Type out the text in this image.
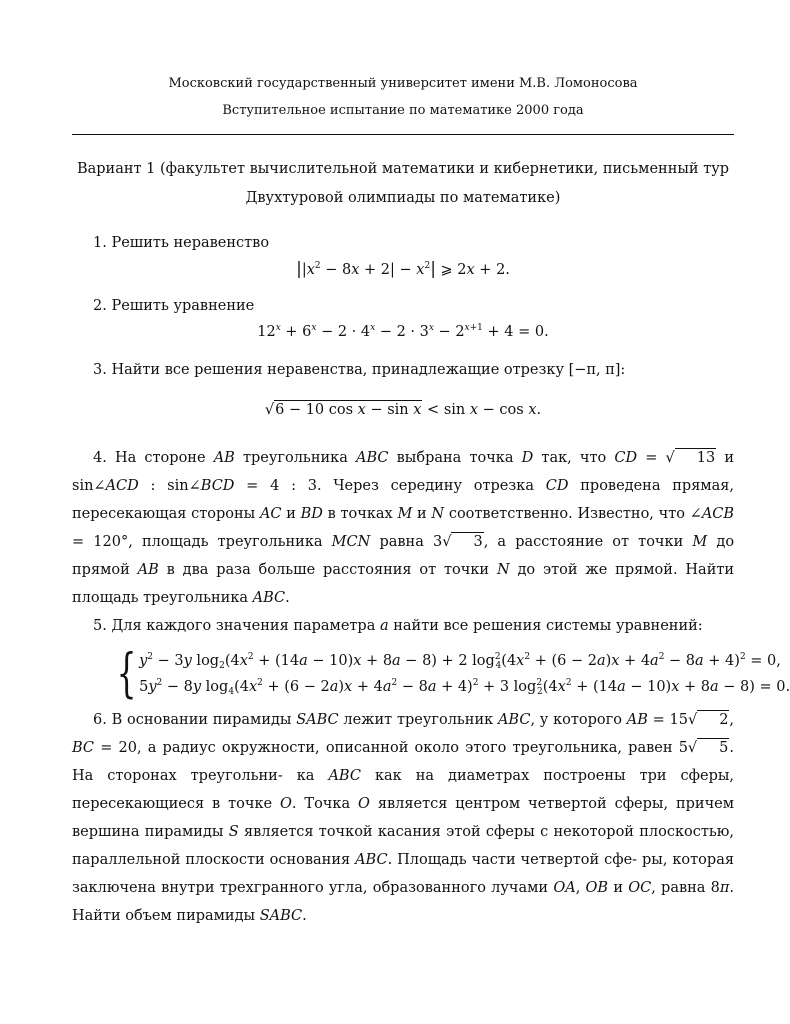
Московский государственный университет имени М.В. Ломоносова
Вступительное испытание по математике 2000 года
Вариант 1 (факультет вычислительной математики и кибернетики, письменный тур
Двухтуровой олимпиады по математике)
1. Решить неравенство
$||x^2 - 8x + 2| - x^2|$ ⩾ 2x + 2.
2. Решить уравнение
$12^x + 6^x - 2 \cdot 4^x - 2 \cdot 3^x - 2^{x+1} + 4 = 0$.
3. Найти все решения неравенства, принадлежащие отрезку [−π, π]:
√6 − 10 cos x − sin x < sin x − cos x.
4. На стороне AB треугольника ABC выбрана точка D так, что CD = √ 13 и sin∠ACD : sin∠BCD = 4 : 3. Через середину отрезка CD проведена прямая, пересекающая стороны AC и BD в точках M и N соответственно. Известно, что ∠ACB = 120°, площадь треугольника MCN равна 3√ 3, а расстояние от точки M до прямой AB в два раза больше расстояния от точки N до этой же прямой. Найти площадь треугольника ABC.
5. Для каждого значения параметра a найти все решения системы уравнений:
{ $y^2 - 3y$ $\log_2(4x^2 + (14a - 10)x + 8a - 8) + 2$ $\log^2_4(4x^2 + (6 - 2a)x + 4a^2 - 8a + 4)^2 = 0$,
$5y^2 - 8y$ $\log_4(4x^2 + (6 - 2a)x + 4a^2 - 8a + 4)^2 + 3$ $\log^2_2(4x^2 + (14a - 10)x + 8a - 8) = 0$.
6. В основании пирамиды SABC лежит треугольник ABC, у которого AB = 15√ 2, BC = 20, а радиус окружности, описанной около этого треугольника, равен 5√ 5. На сторонах треугольни- ка ABC как на диаметрах построены три сферы, пересекающиеся в точке O. Точка O является центром четвертой сферы, причем вершина пирамиды S является точкой касания этой сферы с некоторой плоскостью, параллельной плоскости основания ABC. Площадь части четвертой сфе- ры, которая заключена внутри трехгранного угла, образованного лучами OA, OB и OC, равна 8π. Найти объем пирамиды SABC.
